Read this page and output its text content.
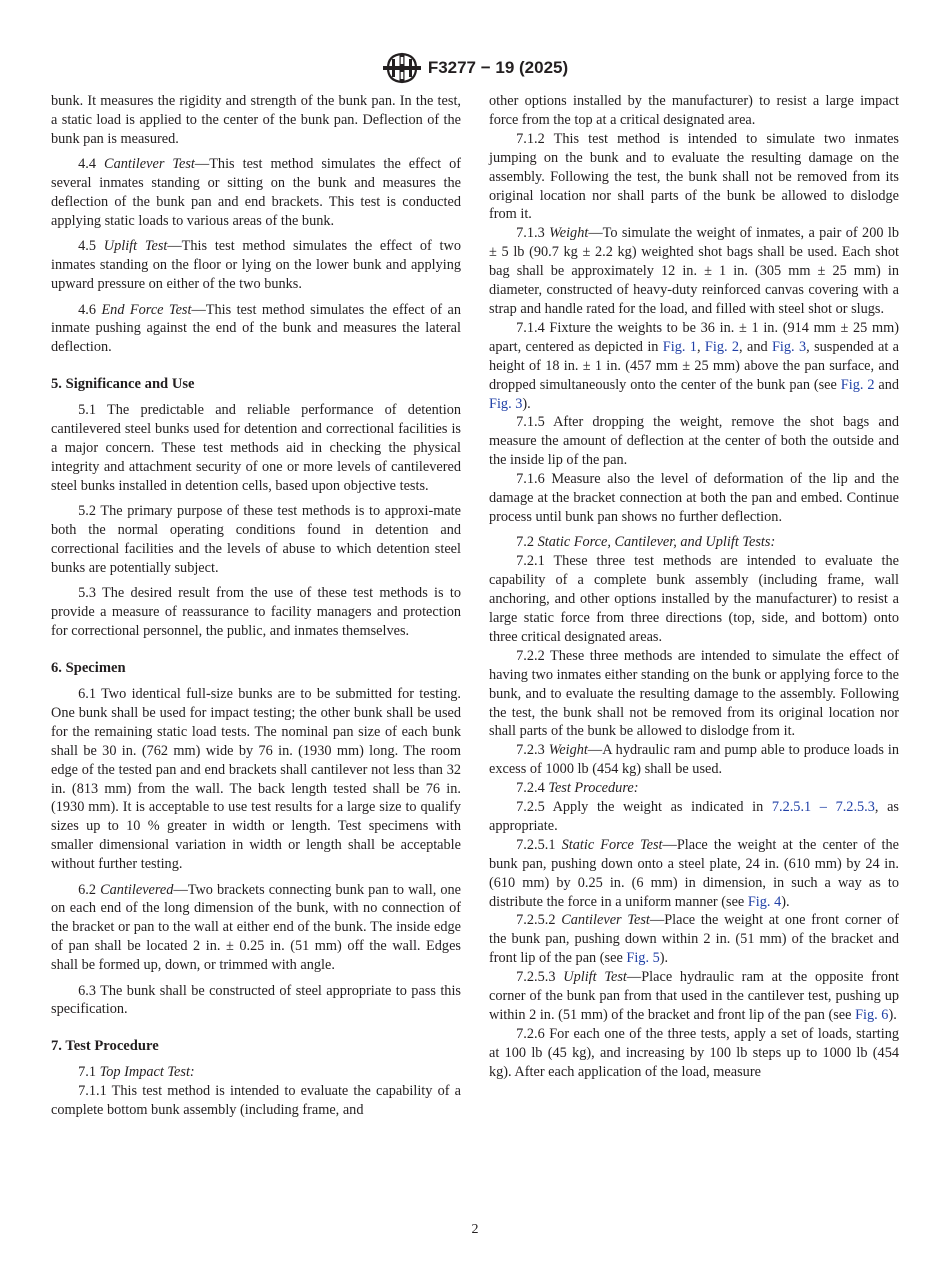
F3277 − 19 (2025)

bunk. It measures the rigidity and strength of the bunk pan. In the test, a static load is applied to the center of the bunk pan. Deflection of the bunk pan is measured.

4.4 Cantilever Test—This test method simulates the effect of several inmates standing or sitting on the bunk and measures the deflection of the bunk pan and end brackets. This test is conducted applying static loads to various areas of the bunk.

4.5 Uplift Test—This test method simulates the effect of two inmates standing on the floor or lying on the lower bunk and applying upward pressure on either of the two bunks.

4.6 End Force Test—This test method simulates the effect of an inmate pushing against the end of the bunk and measures the lateral deflection.

5. Significance and Use

5.1 The predictable and reliable performance of detention cantilevered steel bunks used for detention and correctional facilities is a major concern. These test methods aid in checking the physical integrity and attachment security of one or more levels of cantilevered steel bunks installed in detention cells, based upon objective tests.

5.2 The primary purpose of these test methods is to approxi-mate both the normal operating conditions found in detention and correctional facilities and the levels of abuse to which detention steel bunks are potentially subject.

5.3 The desired result from the use of these test methods is to provide a measure of reassurance to facility managers and protection for correctional personnel, the public, and inmates themselves.

6. Specimen

6.1 Two identical full-size bunks are to be submitted for testing. One bunk shall be used for impact testing; the other bunk shall be used for the remaining static load tests. The nominal pan size of each bunk shall be 30 in. (762 mm) wide by 76 in. (1930 mm) long. The room edge of the tested pan and end brackets shall cantilever not less than 32 in. (813 mm) from the wall. The back length tested shall be 76 in. (1930 mm). It is acceptable to use test results for a large size to qualify sizes up to 10 % greater in width or length. Test specimens with smaller dimensional variation in width or length shall be acceptable without further testing.

6.2 Cantilevered—Two brackets connecting bunk pan to wall, one on each end of the long dimension of the bunk, with no connection of the bracket or pan to the wall at either end of the bunk. The inside edge of pan shall be located 2 in. ± 0.25 in. (51 mm) off the wall. Edges shall be formed up, down, or trimmed with angle.

6.3 The bunk shall be constructed of steel appropriate to pass this specification.

7. Test Procedure

7.1 Top Impact Test:

7.1.1 This test method is intended to evaluate the capability of a complete bottom bunk assembly (including frame, and

other options installed by the manufacturer) to resist a large impact force from the top at a critical designated area.

7.1.2 This test method is intended to simulate two inmates jumping on the bunk and to evaluate the resulting damage on the assembly. Following the test, the bunk shall not be removed from its original location nor shall parts of the bunk be allowed to dislodge from it.

7.1.3 Weight—To simulate the weight of inmates, a pair of 200 lb ± 5 lb (90.7 kg ± 2.2 kg) weighted shot bags shall be used. Each shot bag shall be approximately 12 in. ± 1 in. (305 mm ± 25 mm) in diameter, constructed of heavy-duty reinforced canvas covering with a strap and handle rated for the load, and filled with steel shot or slugs.

7.1.4 Fixture the weights to be 36 in. ± 1 in. (914 mm ± 25 mm) apart, centered as depicted in Fig. 1, Fig. 2, and Fig. 3, suspended at a height of 18 in. ± 1 in. (457 mm ± 25 mm) above the pan surface, and dropped simultaneously onto the center of the bunk pan (see Fig. 2 and Fig. 3).

7.1.5 After dropping the weight, remove the shot bags and measure the amount of deflection at the center of both the outside and the inside lip of the pan.

7.1.6 Measure also the level of deformation of the lip and the damage at the bracket connection at both the pan and embed. Continue process until bunk pan shows no further deflection.

7.2 Static Force, Cantilever, and Uplift Tests:

7.2.1 These three test methods are intended to evaluate the capability of a complete bunk assembly (including frame, wall anchoring, and other options installed by the manufacturer) to resist a large static force from three directions (top, side, and bottom) onto three critical designated areas.

7.2.2 These three methods are intended to simulate the effect of having two inmates either standing on the bunk or applying force to the bunk, and to evaluate the resulting damage to the assembly. Following the test, the bunk shall not be removed from its original location nor shall parts of the bunk be allowed to dislodge from it.

7.2.3 Weight—A hydraulic ram and pump able to produce loads in excess of 1000 lb (454 kg) shall be used.

7.2.4 Test Procedure:

7.2.5 Apply the weight as indicated in 7.2.5.1 – 7.2.5.3, as appropriate.

7.2.5.1 Static Force Test—Place the weight at the center of the bunk pan, pushing down onto a steel plate, 24 in. (610 mm) by 24 in. (610 mm) by 0.25 in. (6 mm) in dimension, in such a way as to distribute the force in a uniform manner (see Fig. 4).

7.2.5.2 Cantilever Test—Place the weight at one front corner of the bunk pan, pushing down within 2 in. (51 mm) of the bracket and front lip of the pan (see Fig. 5).

7.2.5.3 Uplift Test—Place hydraulic ram at the opposite front corner of the bunk pan from that used in the cantilever test, pushing up within 2 in. (51 mm) of the bracket and front lip of the pan (see Fig. 6).

7.2.6 For each one of the three tests, apply a set of loads, starting at 100 lb (45 kg), and increasing by 100 lb steps up to 1000 lb (454 kg). After each application of the load, measure

2
